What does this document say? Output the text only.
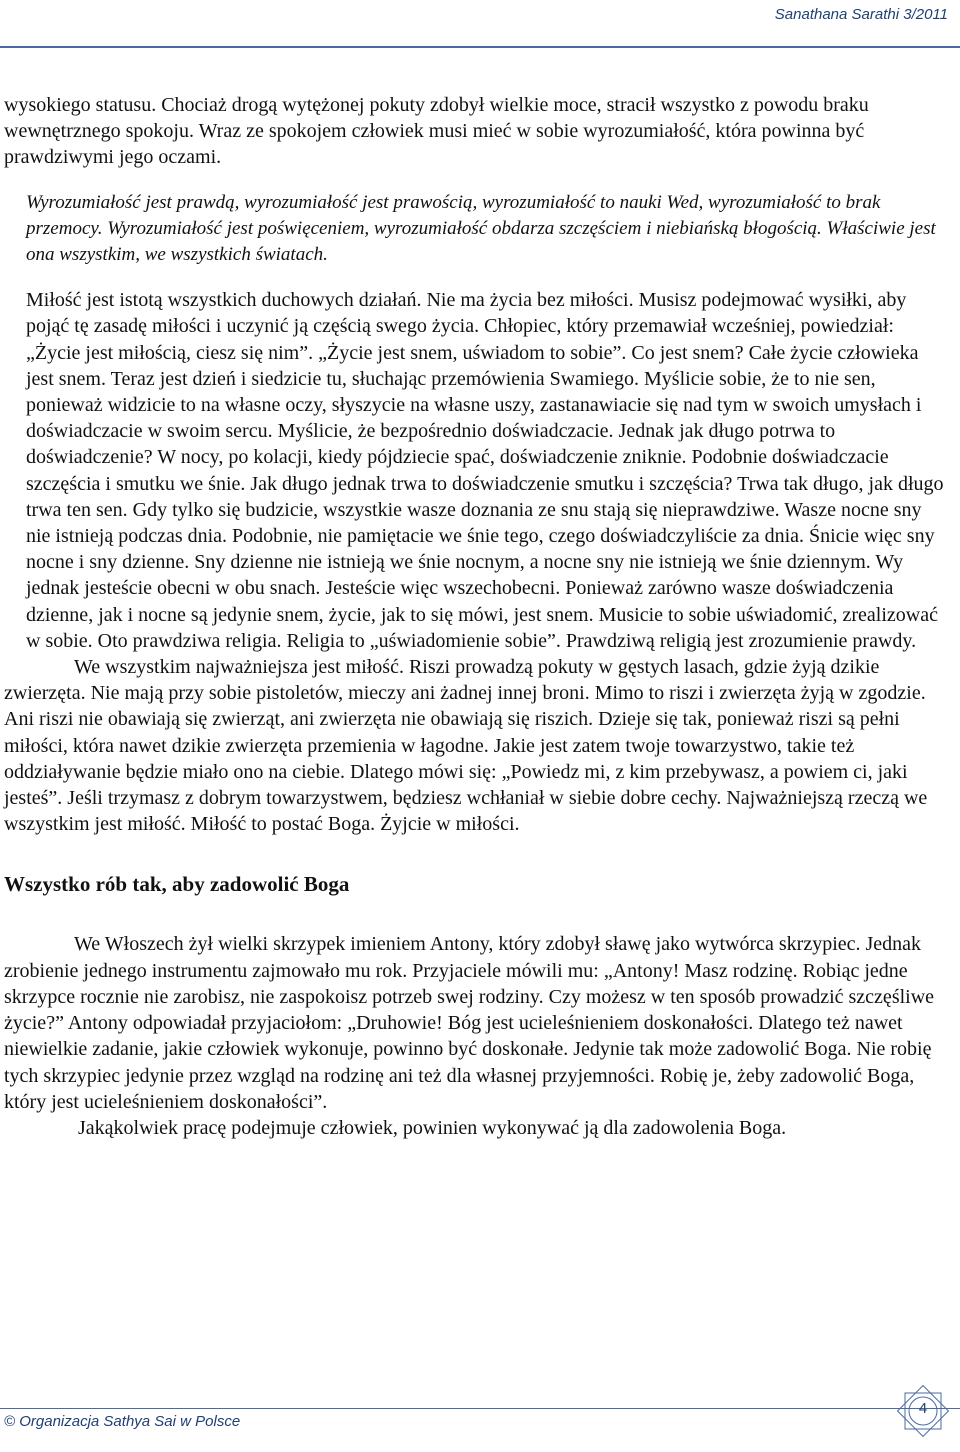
Sanathana Sarathi 3/2011

wysokiego statusu. Chociaż drogą wytężonej pokuty zdobył wielkie moce, stracił wszystko z powodu braku wewnętrznego spokoju. Wraz ze spokojem człowiek musi mieć w sobie wyrozumiałość, która powinna być prawdziwymi jego oczami.

Wyrozumiałość jest prawdą, wyrozumiałość jest prawością, wyrozumiałość to nauki Wed, wyrozumiałość to brak przemocy. Wyrozumiałość jest poświęceniem, wyrozumiałość obdarza szczęściem i niebiańską błogością. Właściwie jest ona wszystkim, we wszystkich światach.

Miłość jest istotą wszystkich duchowych działań. Nie ma życia bez miłości. Musisz podejmować wysiłki, aby pojąć tę zasadę miłości i uczynić ją częścią swego życia. Chłopiec, który przemawiał wcześniej, powiedział: „Życie jest miłością, ciesz się nim”. „Życie jest snem, uświadom to sobie”. Co jest snem? Całe życie człowieka jest snem. Teraz jest dzień i siedzicie tu, słuchając przemówienia Swamiego. Myślicie sobie, że to nie sen, ponieważ widzicie to na własne oczy, słyszycie na własne uszy, zastanawiacie się nad tym w swoich umysłach i doświadczacie w swoim sercu. Myślicie, że bezpośrednio doświadczacie. Jednak jak długo potrwa to doświadczenie? W nocy, po kolacji, kiedy pójdziecie spać, doświadczenie zniknie. Podobnie doświadczacie szczęścia i smutku we śnie. Jak długo jednak trwa to doświadczenie smutku i szczęścia? Trwa tak długo, jak długo trwa ten sen. Gdy tylko się budzicie, wszystkie wasze doznania ze snu stają się nieprawdziwe. Wasze nocne sny nie istnieją podczas dnia. Podobnie, nie pamiętacie we śnie tego, czego doświadczyliście za dnia. Śnicie więc sny nocne i sny dzienne. Sny dzienne nie istnieją we śnie nocnym, a nocne sny nie istnieją we śnie dziennym. Wy jednak jesteście obecni w obu snach. Jesteście więc wszechobecni. Ponieważ zarówno wasze doświadczenia dzienne, jak i nocne są jedynie snem, życie, jak to się mówi, jest snem. Musicie to sobie uświadomić, zrealizować w sobie. Oto prawdziwa religia. Religia to „uświadomienie sobie”. Prawdziwą religią jest zrozumienie prawdy.

We wszystkim najważniejsza jest miłość. Riszi prowadzą pokuty w gęstych lasach, gdzie żyją dzikie zwierzęta. Nie mają przy sobie pistoletów, mieczy ani żadnej innej broni. Mimo to riszi i zwierzęta żyją w zgodzie. Ani riszi nie obawiają się zwierząt, ani zwierzęta nie obawiają się riszich. Dzieje się tak, ponieważ riszi są pełni miłości, która nawet dzikie zwierzęta przemienia w łagodne. Jakie jest zatem twoje towarzystwo, takie też oddziaływanie będzie miało ono na ciebie. Dlatego mówi się: „Powiedz mi, z kim przebywasz, a powiem ci, jaki jesteś”. Jeśli trzymasz z dobrym towarzystwem, będziesz wchłaniał w siebie dobre cechy. Najważniejszą rzeczą we wszystkim jest miłość. Miłość to postać Boga. Żyjcie w miłości.

Wszystko rób tak, aby zadowolić Boga

We Włoszech żył wielki skrzypek imieniem Antony, który zdobył sławę jako wytwórca skrzypiec. Jednak zrobienie jednego instrumentu zajmowało mu rok. Przyjaciele mówili mu: „Antony! Masz rodzinę. Robiąc jedne skrzypce rocznie nie zarobisz, nie zaspokoisz potrzeb swej rodziny. Czy możesz w ten sposób prowadzić szczęśliwe życie?” Antony odpowiadał przyjaciołom: „Druhowie! Bóg jest ucieleśnieniem doskonałości. Dlatego też nawet niewielkie zadanie, jakie człowiek wykonuje, powinno być doskonałe. Jedynie tak może zadowolić Boga. Nie robię tych skrzypiec jedynie przez wzgląd na rodzinę ani też dla własnej przyjemności. Robię je, żeby zadowolić Boga, który jest ucieleśnieniem doskonałości”.

Jakąkolwiek pracę podejmuje człowiek, powinien wykonywać ją dla zadowolenia Boga.

© Organizacja Sathya Sai w Polsce
4
